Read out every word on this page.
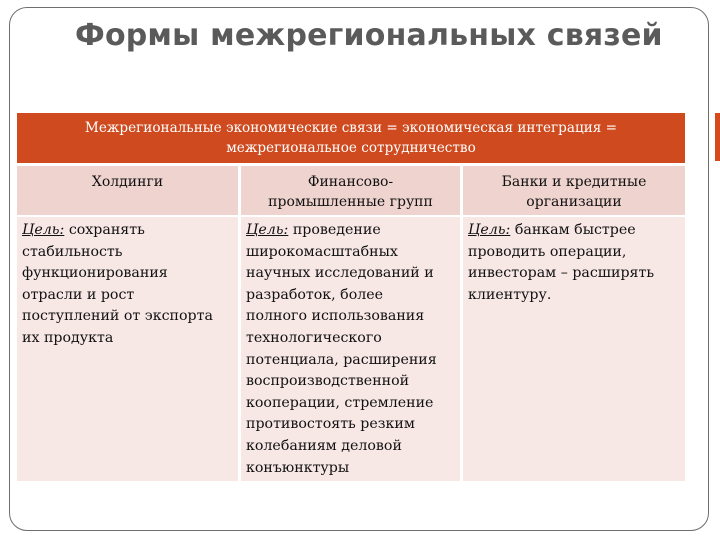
Формы межрегиональных связей
Межрегиональные экономические связи = экономическая интеграция =
межрегиональное сотрудничество
Холдинги	Финансово-
промышленные групп
Банки и кредитные
организации
Цель: сохранять
стабильность
функционирования
отрасли и рост
поступлений от экспорта
их продукта
Цель: проведение
широкомасштабных
научных исследований и
разработок, более
полного использования
технологического
потенциала, расширения
воспроизводственной
кооперации, стремление
противостоять резким
колебаниям деловой
конъюнктуры
Цель: банкам быстрее
проводить операции,
инвесторам – расширять
клиентуру.
